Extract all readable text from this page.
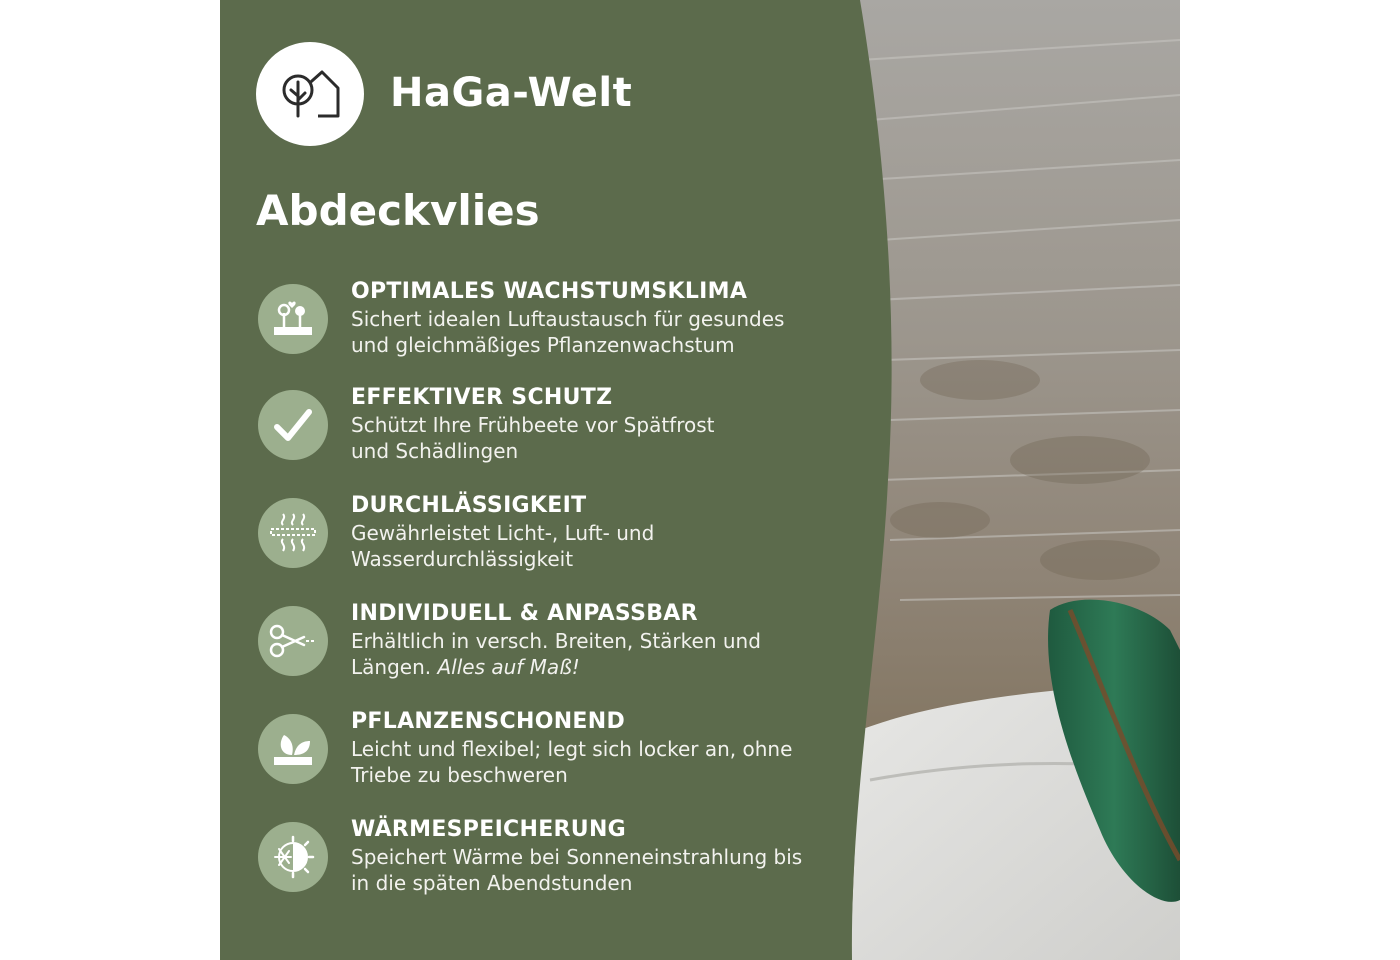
HaGa-Welt
Abdeckvlies
OPTIMALES WACHSTUMSKLIMA
Sichert idealen Luftaustausch für gesundes
und gleichmäßiges Pflanzenwachstum
EFFEKTIVER SCHUTZ
Schützt Ihre Frühbeete vor Spätfrost
und Schädlingen
DURCHLÄSSIGKEIT
Gewährleistet Licht-, Luft- und
Wasserdurchlässigkeit
INDIVIDUELL & ANPASSBAR
Erhältlich in versch. Breiten, Stärken und
Längen. Alles auf Maß!
PFLANZENSCHONEND
Leicht und flexibel; legt sich locker an, ohne
Triebe zu beschweren
WÄRMESPEICHERUNG
Speichert Wärme bei Sonneneinstrahlung bis
in die späten Abendstunden
